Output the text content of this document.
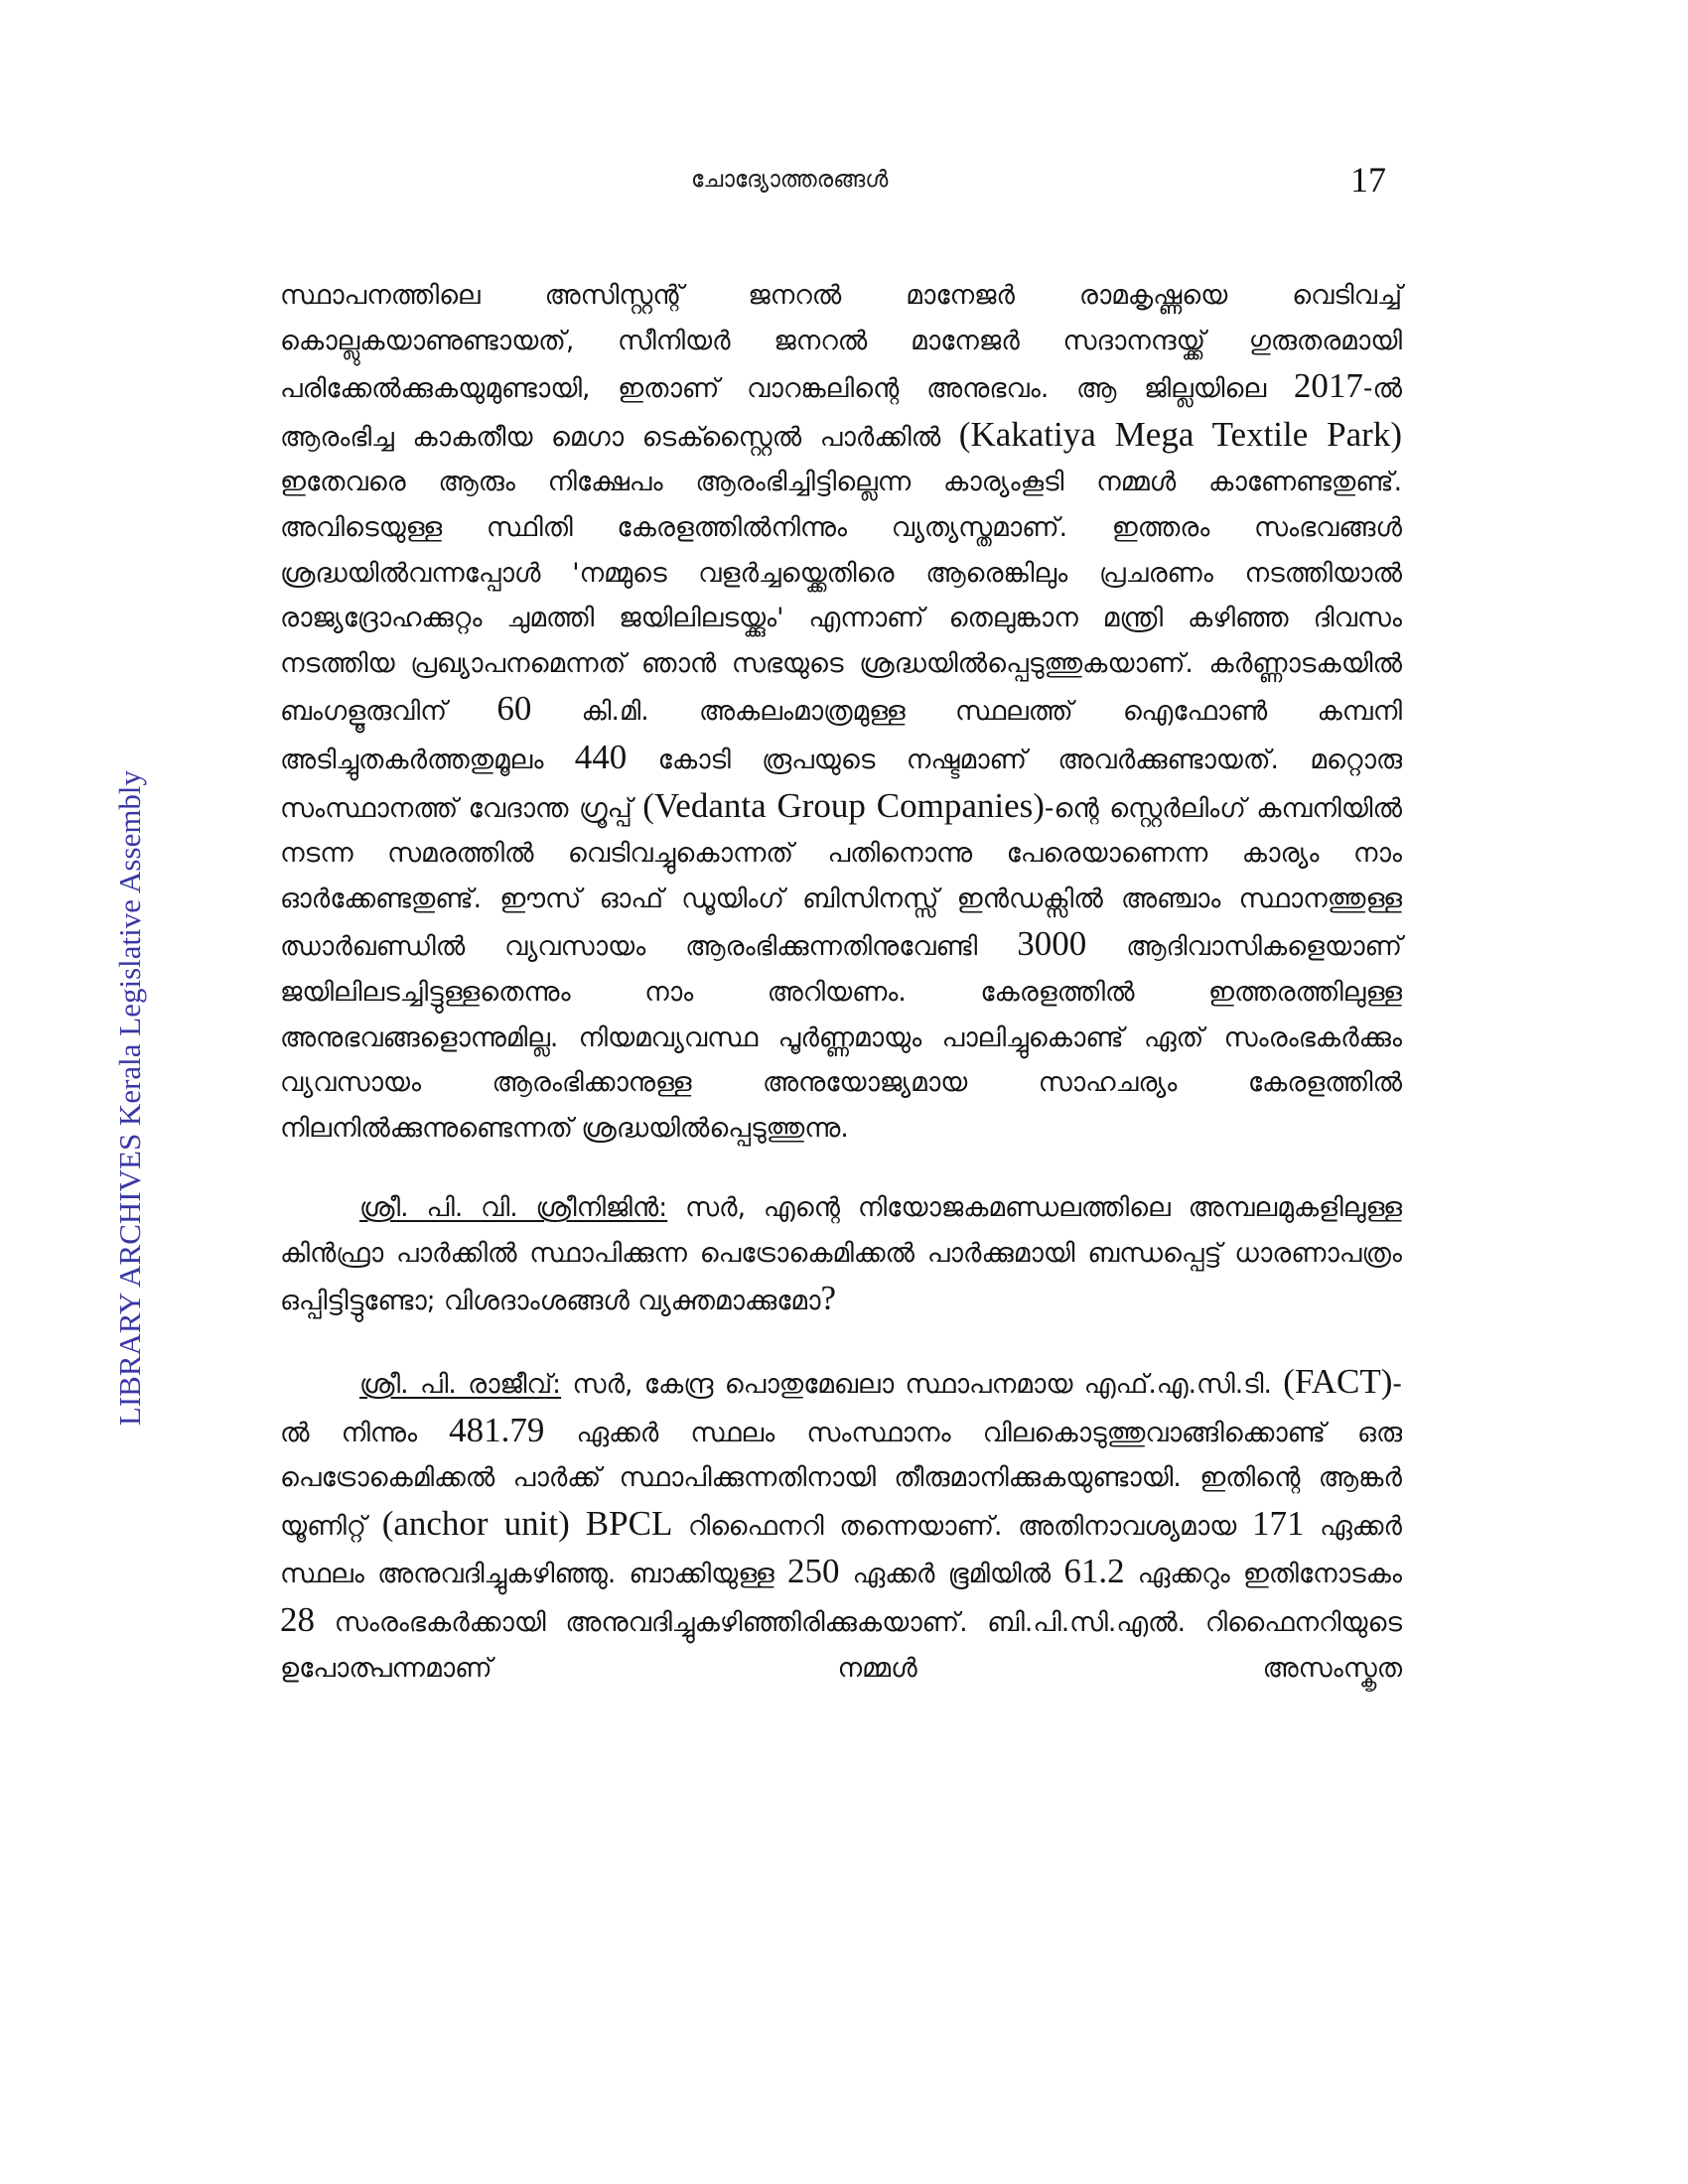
ചോദ്യോത്തരങ്ങൾ	17
LIBRARY ARCHIVES Kerala Legislative Assembly

സ്ഥാപനത്തിലെ അസിസ്റ്റന്റ് ജനറൽ മാനേജർ രാമകൃഷ്ണയെ വെടിവച്ച് കൊല്ലുകയാണുണ്ടായത്, സീനിയർ ജനറൽ മാനേജർ സദാനന്ദയ്ക്ക് ഗുരുതരമായി പരിക്കേൽക്കുകയുമുണ്ടായി, ഇതാണ് വാറങ്കലിന്റെ അനുഭവം. ആ ജില്ലയിലെ 2017-ൽ ആരംഭിച്ച കാകതീയ മെഗാ ടെക്സ്റ്റൈൽ പാർക്കിൽ (Kakatiya Mega Textile Park) ഇതേവരെ ആരും നിക്ഷേപം ആരംഭിച്ചിട്ടില്ലെന്ന കാര്യംകൂടി നമ്മൾ കാണേണ്ടതുണ്ട്. അവിടെയുള്ള സ്ഥിതി കേരളത്തിൽനിന്നും വ്യത്യസ്തമാണ്. ഇത്തരം സംഭവങ്ങൾ ശ്രദ്ധയിൽവന്നപ്പോൾ 'നമ്മുടെ വളർച്ചയ്ക്കെതിരെ ആരെങ്കിലും പ്രചരണം നടത്തിയാൽ രാജ്യദ്രോഹക്കുറ്റം ചുമത്തി ജയിലിലടയ്ക്കും' എന്നാണ് തെലുങ്കാന മന്ത്രി കഴിഞ്ഞ ദിവസം നടത്തിയ പ്രഖ്യാപനമെന്നത് ഞാൻ സഭയുടെ ശ്രദ്ധയിൽപ്പെടുത്തുകയാണ്. കർണ്ണാടകയിൽ ബംഗളൂരുവിന് 60 കി.മി. അകലംമാത്രമുള്ള സ്ഥലത്ത് ഐഫോൺ കമ്പനി അടിച്ചുതകർത്തതുമൂലം 440 കോടി രൂപയുടെ നഷ്ടമാണ് അവർക്കുണ്ടായത്. മറ്റൊരു സംസ്ഥാനത്ത് വേദാന്ത ഗ്രൂപ്പ് (Vedanta Group Companies)-ന്റെ സ്റ്റെർലിംഗ് കമ്പനിയിൽ നടന്ന സമരത്തിൽ വെടിവച്ചുകൊന്നത് പതിനൊന്നു പേരെയാണെന്ന കാര്യം നാം ഓർക്കേണ്ടതുണ്ട്. ഈസ് ഓഫ് ഡൂയിംഗ് ബിസിനസ്സ് ഇൻഡക്സിൽ അഞ്ചാം സ്ഥാനത്തുള്ള ഝാർഖണ്ഡിൽ വ്യവസായം ആരംഭിക്കുന്നതിനുവേണ്ടി 3000 ആദിവാസികളെയാണ് ജയിലിലടച്ചിട്ടുള്ളതെന്നും നാം അറിയണം. കേരളത്തിൽ ഇത്തരത്തിലുള്ള അനുഭവങ്ങളൊന്നുമില്ല. നിയമവ്യവസ്ഥ പൂർണ്ണമായും പാലിച്ചുകൊണ്ട് ഏത് സംരംഭകർക്കും വ്യവസായം ആരംഭിക്കാനുള്ള അനുയോജ്യമായ സാഹചര്യം കേരളത്തിൽ നിലനിൽക്കുന്നുണ്ടെന്നത് ശ്രദ്ധയിൽപ്പെടുത്തുന്നു.

ശ്രീ. പി. വി. ശ്രീനിജിൻ: സർ, എന്റെ നിയോജകമണ്ഡലത്തിലെ അമ്പലമുകളിലുള്ള കിൻഫ്രാ പാർക്കിൽ സ്ഥാപിക്കുന്ന പെട്രോകെമിക്കൽ പാർക്കുമായി ബന്ധപ്പെട്ട് ധാരണാപത്രം ഒപ്പിട്ടിട്ടുണ്ടോ; വിശദാംശങ്ങൾ വ്യക്തമാക്കുമോ?

ശ്രീ. പി. രാജീവ്: സർ, കേന്ദ്ര പൊതുമേഖലാ സ്ഥാപനമായ എഫ്.എ.സി.ടി. (FACT)-ൽ നിന്നും 481.79 ഏക്കർ സ്ഥലം സംസ്ഥാനം വിലകൊടുത്തുവാങ്ങിക്കൊണ്ട് ഒരു പെട്രോകെമിക്കൽ പാർക്ക് സ്ഥാപിക്കുന്നതിനായി തീരുമാനിക്കുകയുണ്ടായി. ഇതിന്റെ ആങ്കർ യൂണിറ്റ് (anchor unit) BPCL റിഫൈനറി തന്നെയാണ്. അതിനാവശ്യമായ 171 ഏക്കർ സ്ഥലം അനുവദിച്ചുകഴിഞ്ഞു. ബാക്കിയുള്ള 250 ഏക്കർ ഭൂമിയിൽ 61.2 ഏക്കറും ഇതിനോടകം 28 സംരംഭകർക്കായി അനുവദിച്ചുകഴിഞ്ഞിരിക്കുകയാണ്. ബി.പി.സി.എൽ. റിഫൈനറിയുടെ ഉപോത്പന്നമാണ് നമ്മൾ അസംസ്കൃത
